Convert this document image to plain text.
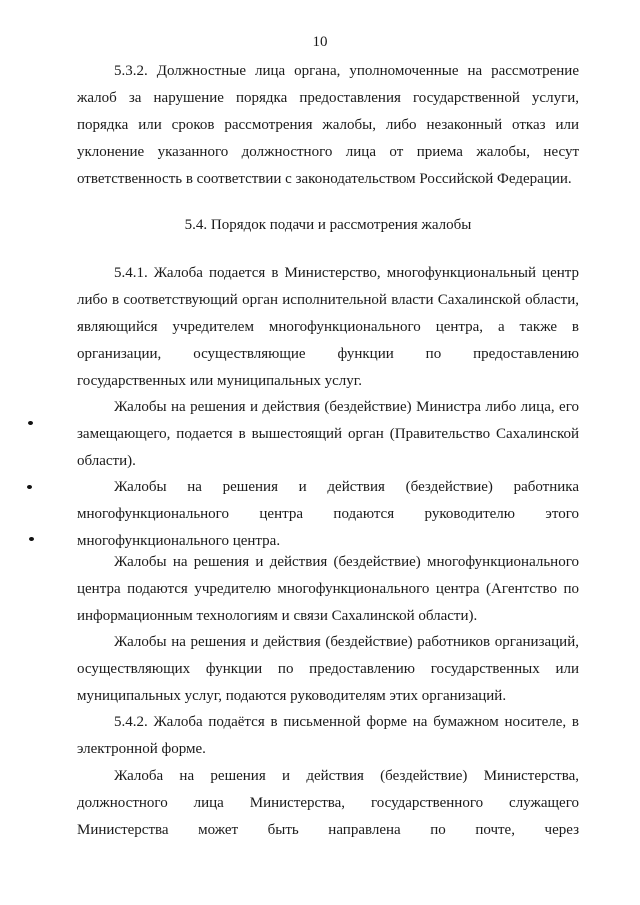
10
5.3.2. Должностные лица органа, уполномоченные на рассмотрение
жалоб за нарушение порядка предоставления государственной услуги,
порядка или сроков рассмотрения жалобы, либо незаконный отказ или
уклонение указанного должностного лица от приема жалобы, несут
ответственность в соответствии с законодательством Российской Федерации.
5.4. Порядок подачи и рассмотрения жалобы
5.4.1. Жалоба подается в Министерство, многофункциональный центр
либо в соответствующий орган исполнительной власти Сахалинской области,
являющийся учредителем многофункционального центра, а также в
организации, осуществляющие функции по предоставлению
государственных или муниципальных услуг.
Жалобы на решения и действия (бездействие) Министра либо лица, его
замещающего, подается в вышестоящий орган (Правительство Сахалинской
области).
Жалобы на решения и действия (бездействие) работника
многофункционального центра подаются руководителю этого
многофункционального центра.
Жалобы на решения и действия (бездействие) многофункционального
центра подаются учредителю многофункционального центра (Агентство по
информационным технологиям и связи Сахалинской области).
Жалобы на решения и действия (бездействие) работников организаций,
осуществляющих функции по предоставлению государственных или
муниципальных услуг, подаются руководителям этих организаций.
5.4.2. Жалоба подаётся в письменной форме на бумажном носителе, в
электронной форме.
Жалоба на решения и действия (бездействие) Министерства,
должностного лица Министерства, государственного служащего
Министерства может быть направлена по почте, через
